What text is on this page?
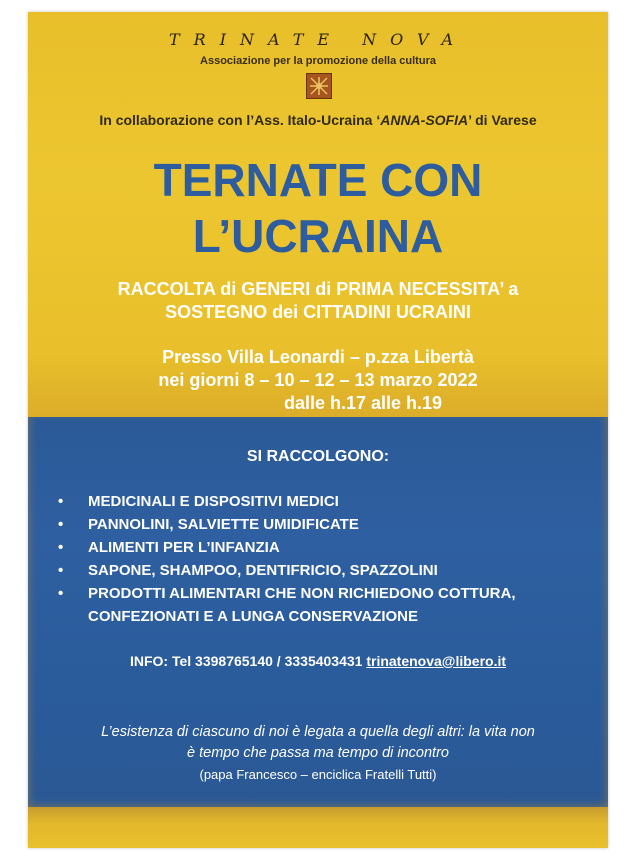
TRINATE NOVA
Associazione per la promozione della cultura
In collaborazione con l’Ass. Italo-Ucraina ‘ANNA-SOFIA’ di Varese
TERNATE CON
L’UCRAINA
RACCOLTA di GENERI di PRIMA NECESSITA’ a
SOSTEGNO dei CITTADINI UCRAINI
Presso Villa Leonardi – p.zza Libertà
nei giorni 8 – 10 – 12 – 13 marzo 2022
dalle h.17 alle h.19
SI RACCOLGONO:
• MEDICINALI E DISPOSITIVI MEDICI
• PANNOLINI, SALVIETTE UMIDIFICATE
• ALIMENTI PER L’INFANZIA
• SAPONE, SHAMPOO, DENTIFRICIO, SPAZZOLINI
• PRODOTTI ALIMENTARI CHE NON RICHIEDONO COTTURA, CONFEZIONATI E A LUNGA CONSERVAZIONE
INFO: Tel 3398765140 / 3335403431 trinatenova@libero.it
L’esistenza di ciascuno di noi è legata a quella degli altri: la vita non
è tempo che passa ma tempo di incontro
(papa Francesco – enciclica Fratelli Tutti)
